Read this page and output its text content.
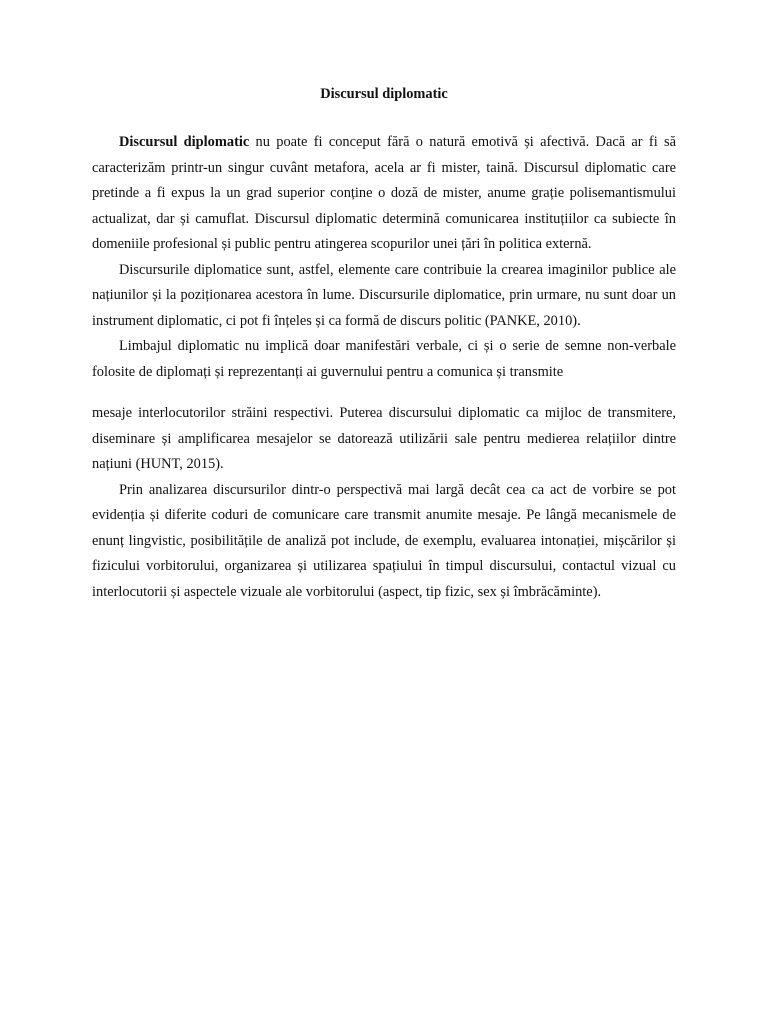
Discursul diplomatic

Discursul diplomatic nu poate fi conceput fără o natură emotivă și afectivă. Dacă ar fi să caracterizăm printr-un singur cuvânt metafora, acela ar fi mister, taină. Discursul diplomatic care pretinde a fi expus la un grad superior conține o doză de mister, anume grație polisemantismului actualizat, dar și camuflat. Discursul diplomatic determină comunicarea instituțiilor ca subiecte în domeniile profesional și public pentru atingerea scopurilor unei țări în politica externă.

Discursurile diplomatice sunt, astfel, elemente care contribuie la crearea imaginilor publice ale națiunilor și la poziționarea acestora în lume. Discursurile diplomatice, prin urmare, nu sunt doar un instrument diplomatic, ci pot fi înțeles și ca formă de discurs politic (PANKE, 2010).

Limbajul diplomatic nu implică doar manifestări verbale, ci și o serie de semne non-verbale folosite de diplomați și reprezentanți ai guvernului pentru a comunica și transmite

mesaje interlocutorilor străini respectivi. Puterea discursului diplomatic ca mijloc de transmitere, diseminare și amplificarea mesajelor se datorează utilizării sale pentru medierea relațiilor dintre națiuni (HUNT, 2015).

Prin analizarea discursurilor dintr-o perspectivă mai largă decât cea ca act de vorbire se pot evidenția și diferite coduri de comunicare care transmit anumite mesaje. Pe lângă mecanismele de enunț lingvistic, posibilitățile de analiză pot include, de exemplu, evaluarea intonației, mișcărilor și fizicului vorbitorului, organizarea și utilizarea spațiului în timpul discursului, contactul vizual cu interlocutorii și aspectele vizuale ale vorbitorului (aspect, tip fizic, sex și îmbrăcăminte).
